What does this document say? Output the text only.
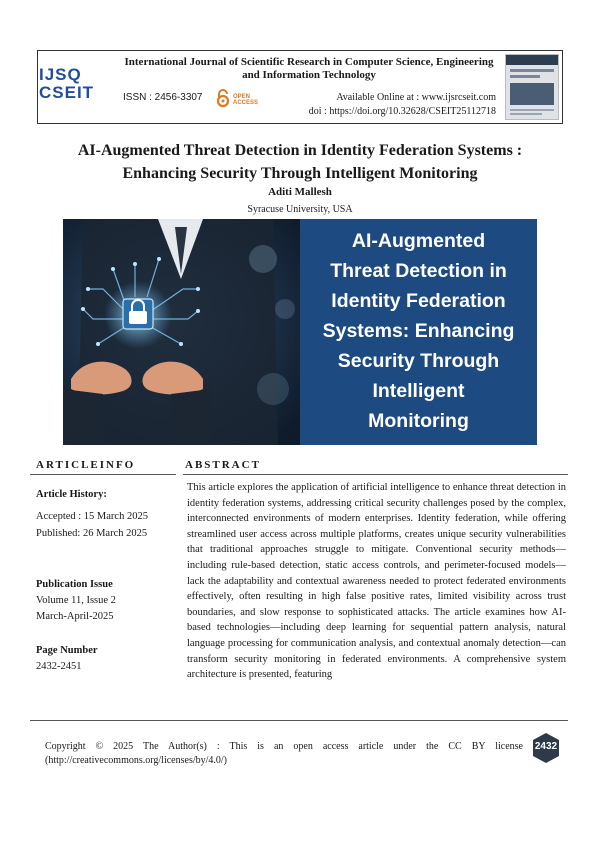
IJSQ
CSEIT
International Journal of Scientific Research in Computer Science, Engineering and Information Technology
ISSN : 2456-3307	OPEN ACCESS	Available Online at : www.ijsrcseit.com
doi : https://doi.org/10.32628/CSEIT25112718
AI-Augmented Threat Detection in Identity Federation Systems :
Enhancing Security Through Intelligent Monitoring
Aditi Mallesh
Syracuse University, USA
AI-Augmented
Threat Detection in
Identity Federation
Systems: Enhancing
Security Through
Intelligent
Monitoring
ARTICLEINFO
Article History:
Accepted : 15 March 2025
Published: 26 March 2025
Publication Issue
Volume 11, Issue 2
March-April-2025
Page Number
2432-2451
ABSTRACT
This article explores the application of artificial intelligence to enhance threat detection in identity federation systems, addressing critical security challenges posed by the complex, interconnected environments of modern enterprises. Identity federation, while offering streamlined user access across multiple platforms, creates unique security vulnerabilities that traditional approaches struggle to mitigate. Conventional security methods—including rule-based detection, static access controls, and perimeter-focused models—lack the adaptability and contextual awareness needed to protect federated environments effectively, often resulting in high false positive rates, limited visibility across trust boundaries, and slow response to sophisticated attacks. The article examines how AI-based technologies—including deep learning for sequential pattern analysis, natural language processing for communication analysis, and contextual anomaly detection—can transform security monitoring in federated environments. A comprehensive system architecture is presented, featuring
Copyright © 2025 The Author(s) : This is an open access article under the CC BY license (http://creativecommons.org/licenses/by/4.0/)
2432
